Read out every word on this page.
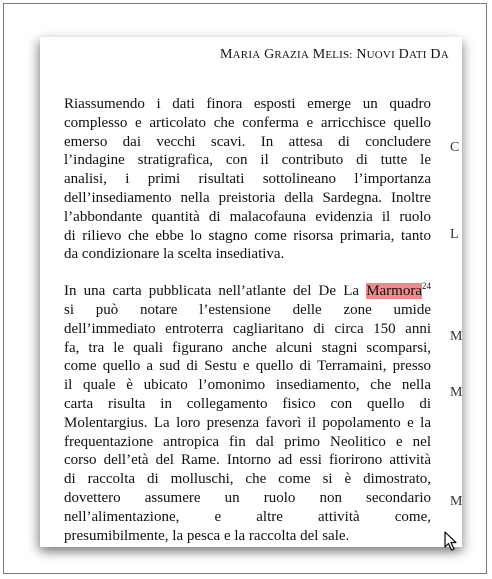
MARIA GRAZIA MELIS: NUOVI DATI DA

Riassumendo i dati finora esposti emerge un quadro
complesso e articolato che conferma e arricchisce quello
emerso dai vecchi scavi. In attesa di concludere
l’indagine stratigrafica, con il contributo di tutte le
analisi, i primi risultati sottolineano l’importanza
dell’insediamento nella preistoria della Sardegna. Inoltre
l’abbondante quantità di malacofauna evidenzia il ruolo
di rilievo che ebbe lo stagno come risorsa primaria, tanto
da condizionare la scelta insediativa.

In una carta pubblicata nell’atlante del De La Marmora$^{24}$
si può notare l’estensione delle zone umide
dell’immediato entroterra cagliaritano di circa 150 anni
fa, tra le quali figurano anche alcuni stagni scomparsi,
come quello a sud di Sestu e quello di Terramaini, presso
il quale è ubicato l’omonimo insediamento, che nella
carta risulta in collegamento fisico con quello di
Molentargius. La loro presenza favorì il popolamento e la
frequentazione antropica fin dal primo Neolitico e nel
corso dell’età del Rame. Intorno ad essi fiorirono attività
di raccolta di molluschi, che come si è dimostrato,
dovettero assumere un ruolo non secondario
nell’alimentazione, e altre attività come,
presumibilmente, la pesca e la raccolta del sale.

C
L
M
M
M
